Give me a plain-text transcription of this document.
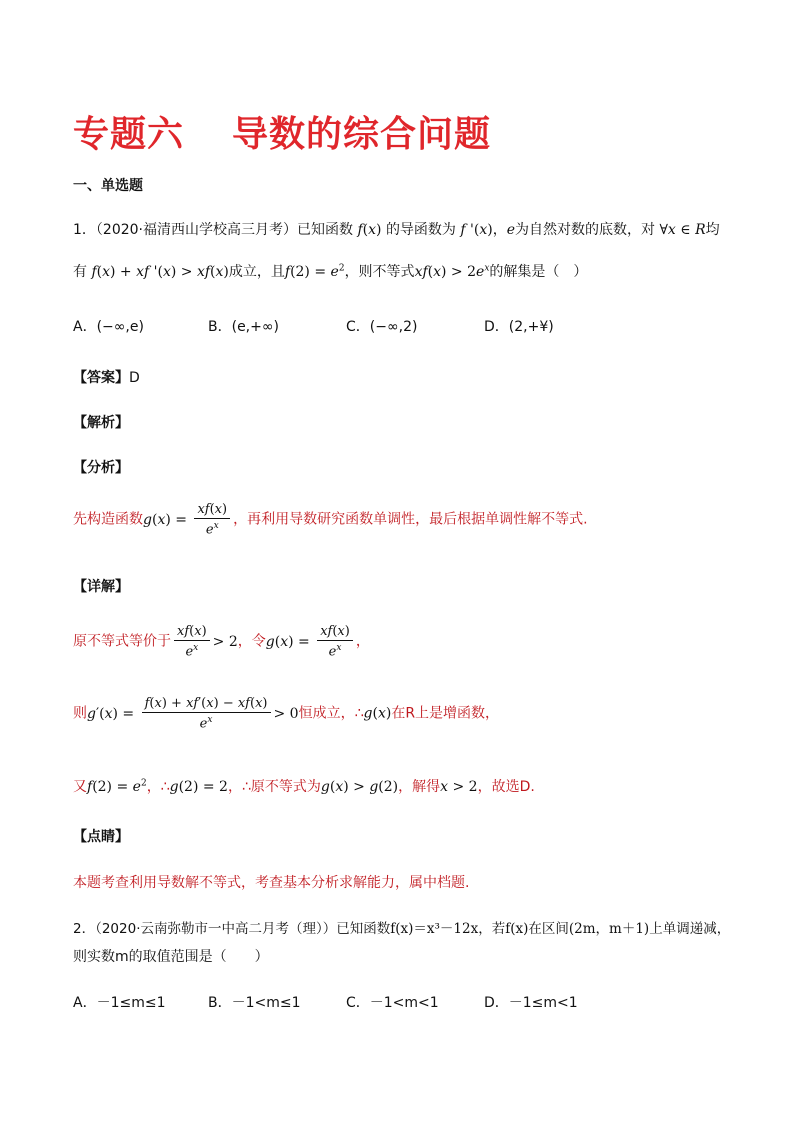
专题六 导数的综合问题
一、单选题
1．（2020·福清西山学校高三月考）已知函数 f(x) 的导函数为 f '(x)，e为自然对数的底数，对 ∀x ∈ R均
有 f(x) + xf '(x) > xf(x)成立，且$f(2) = e^2$，则不等式$xf(x) > 2e^x$的解集是（　）
A．(−∞,e)	B．(e,+∞)	C．(−∞,2)	D．(2,+¥)
【答案】D
【解析】
【分析】
先构造函数$g(x) = \frac{xf(x)}{e^x}$ ，再利用导数研究函数单调性，最后根据单调性解不等式.
【详解】
原不等式等价于 $\frac{xf(x)}{e^x} > 2$，令$g(x) = \frac{xf(x)}{e^x}$ ，
则$g'(x) = \frac{f(x) + xf'(x) - xf(x)}{e^x} > 0$恒成立，∴g(x)在R上是增函数，
又$f(2) = e^2$，∴g(2) = 2，∴原不等式为g(x) > g(2)，解得x > 2，故选D.
【点睛】
本题考查利用导数解不等式，考查基本分析求解能力，属中档题.
2．（2020·云南弥勒市一中高二月考（理））已知函数f(x)＝x³－12x，若f(x)在区间(2m，m＋1)上单调递减，
则实数m的取值范围是（　　）
A．－1≤m≤1	B．－1<m≤1	C．－1<m<1	D．－1≤m<1
